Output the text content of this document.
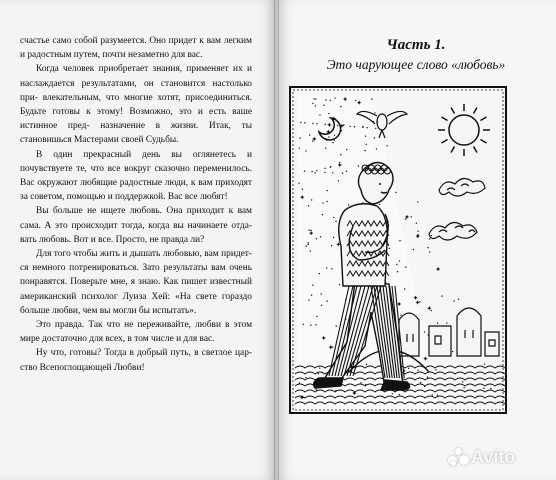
счастье само собой разумеется. Оно придет к вам легким и радостным путем, почти незаметно для вас.

Когда человек приобретает знания, применяет их и наслаждается результатами, он становится настолько при- влекательным, что многие хотят, присоединиться. Будьте готовы к этому! Возможно, это и есть ваше истинное пред- назначение в жизни. Итак, ты становишься Мастерами своей Судьбы.

В один прекрасный день вы оглянетесь и почувствуете те, что все вокруг сказочно переменилось. Вас окружают любящие радостные люди, к вам приходят за советом, помощью и поддержкой. Вас все любят!

Вы больше не ищете любовь. Она приходит к вам сама. А это происходит тогда, когда вы начинаете отда- вать любовь. Вот и все. Просто, не правда ли?

Для того чтобы жить и дышать любовью, вам придет- ся немного потренироваться. Зато результаты вам очень понравятся. Поверьте мне, я знаю. Как пишет известный американский психолог Луиза Хей: «На свете гораздо больше любви, чем вы могли бы испытать».

Это правда. Так что не переживайте, любви в этом мире достаточно для всех, в том числе и для вас.

Ну что, готовы? Тогда в добрый путь, в светлое цар- ство Всепоглощающей Любви!

Часть 1.
Это чарующее слово «любовь»
Avito
